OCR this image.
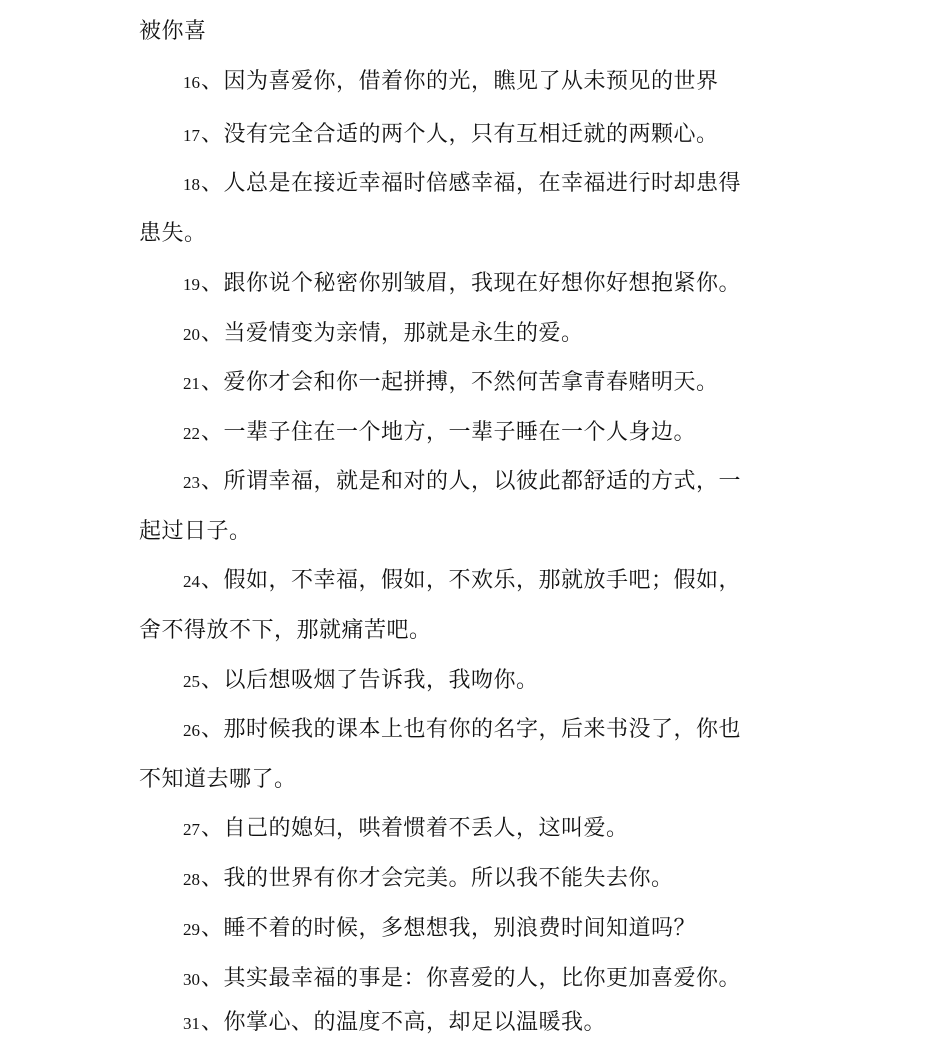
被你喜
16、因为喜爱你，借着你的光，瞧见了从未预见的世界
17、没有完全合适的两个人，只有互相迁就的两颗心。
18、人总是在接近幸福时倍感幸福，在幸福进行时却患得
患失。
19、跟你说个秘密你别皱眉，我现在好想你好想抱紧你。
20、当爱情变为亲情，那就是永生的爱。
21、爱你才会和你一起拼搏，不然何苦拿青春赌明天。
22、一辈子住在一个地方，一辈子睡在一个人身边。
23、所谓幸福，就是和对的人，以彼此都舒适的方式，一
起过日子。
24、假如，不幸福，假如，不欢乐，那就放手吧；假如，
舍不得放不下，那就痛苦吧。
25、以后想吸烟了告诉我，我吻你。
26、那时候我的课本上也有你的名字，后来书没了，你也
不知道去哪了。
27、自己的媳妇，哄着惯着不丢人，这叫爱。
28、我的世界有你才会完美。所以我不能失去你。
29、睡不着的时候，多想想我，别浪费时间知道吗？
30、其实最幸福的事是：你喜爱的人，比你更加喜爱你。
31、你掌心、的温度不高，却足以温暖我。
